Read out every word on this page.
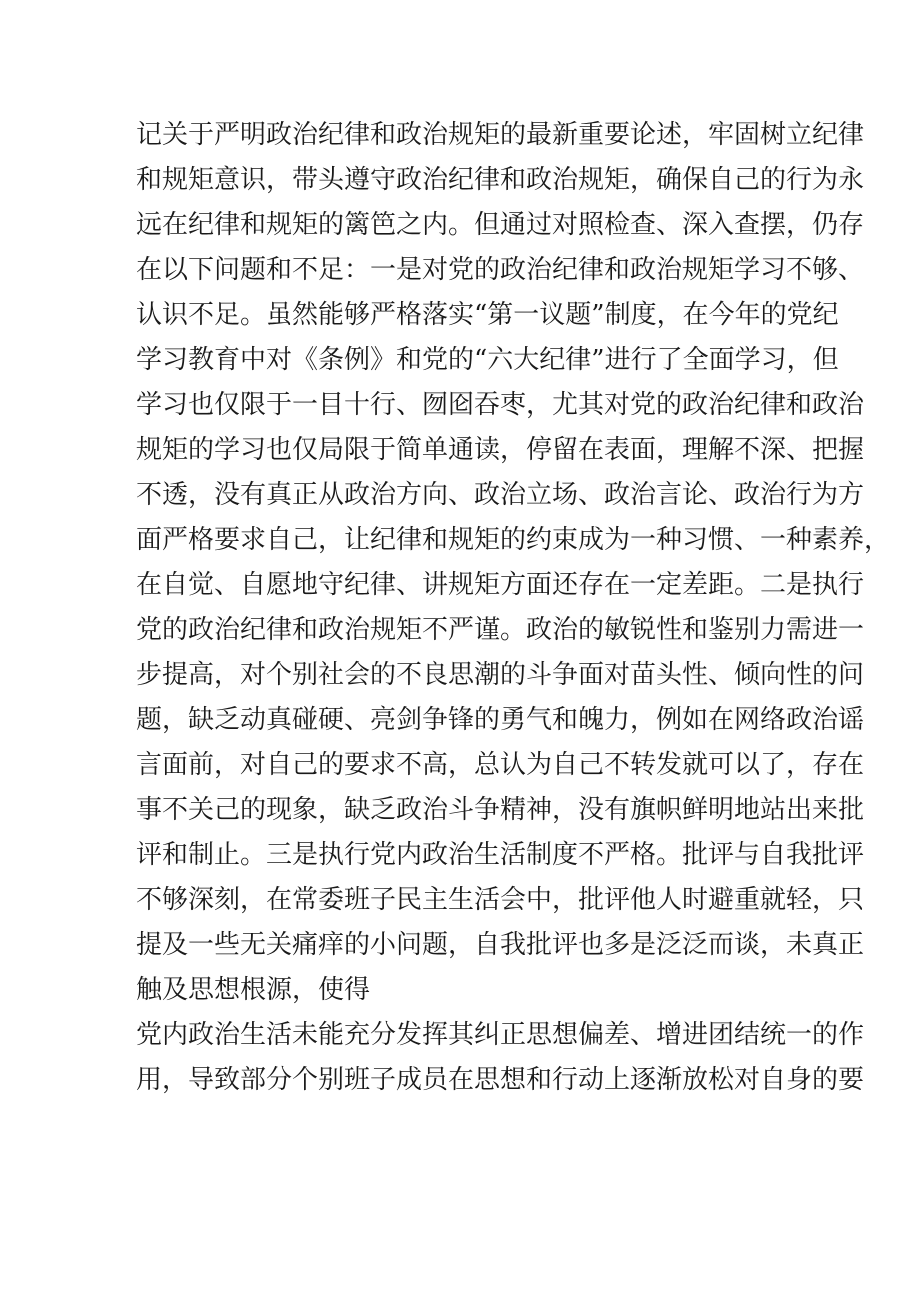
记关于严明政治纪律和政治规矩的最新重要论述，牢固树立纪律
和规矩意识，带头遵守政治纪律和政治规矩，确保自己的行为永
远在纪律和规矩的篱笆之内。但通过对照检查、深入查摆，仍存
在以下问题和不足：一是对党的政治纪律和政治规矩学习不够、
认识不足。虽然能够严格落实“第一议题”制度，在今年的党纪
学习教育中对《条例》和党的“六大纪律”进行了全面学习，但
学习也仅限于一目十行、囫囵吞枣，尤其对党的政治纪律和政治
规矩的学习也仅局限于简单通读，停留在表面，理解不深、把握
不透，没有真正从政治方向、政治立场、政治言论、政治行为方
面严格要求自己，让纪律和规矩的约束成为一种习惯、一种素养，
在自觉、自愿地守纪律、讲规矩方面还存在一定差距。二是执行
党的政治纪律和政治规矩不严谨。政治的敏锐性和鉴别力需进一
步提高，对个别社会的不良思潮的斗争面对苗头性、倾向性的问
题，缺乏动真碰硬、亮剑争锋的勇气和魄力，例如在网络政治谣
言面前，对自己的要求不高，总认为自己不转发就可以了，存在
事不关己的现象，缺乏政治斗争精神，没有旗帜鲜明地站出来批
评和制止。三是执行党内政治生活制度不严格。批评与自我批评
不够深刻，在常委班子民主生活会中，批评他人时避重就轻，只
提及一些无关痛痒的小问题，自我批评也多是泛泛而谈，未真正
触及思想根源，使得
党内政治生活未能充分发挥其纠正思想偏差、增进团结统一的作
用，导致部分个别班子成员在思想和行动上逐渐放松对自身的要
